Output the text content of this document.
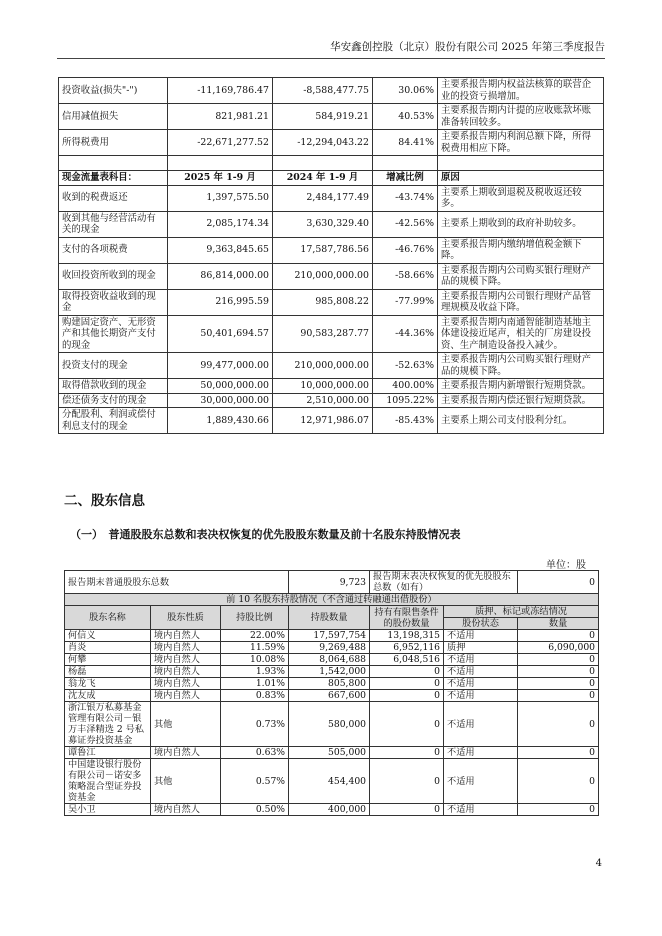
华安鑫创控股（北京）股份有限公司 2025 年第三季度报告
投资收益(损失"-")	-11,169,786.47	-8,588,477.75	30.06%	主要系报告期内权益法核算的联营企业的投资亏损增加。
信用减值损失	821,981.21	584,919.21	40.53%	主要系报告期内计提的应收账款坏账准备转回较多。
所得税费用	-22,671,277.52	-12,294,043.22	84.41%	主要系报告期内利润总额下降，所得税费用相应下降。

现金流量表科目：	2025 年 1-9 月	2024 年 1-9 月	增减比例	原因
收到的税费返还	1,397,575.50	2,484,177.49	-43.74%	主要系上期收到退税及税收返还较多。
收到其他与经营活动有关的现金	2,085,174.34	3,630,329.40	-42.56%	主要系上期收到的政府补助较多。
支付的各项税费	9,363,845.65	17,587,786.56	-46.76%	主要系报告期内缴纳增值税金额下降。
收回投资所收到的现金	86,814,000.00	210,000,000.00	-58.66%	主要系报告期内公司购买银行理财产品的规模下降。
取得投资收益收到的现金	216,995.59	985,808.22	-77.99%	主要系报告期内公司银行理财产品管理规模及收益下降。
购建固定资产、无形资产和其他长期资产支付的现金	50,401,694.57	90,583,287.77	-44.36%	主要系报告期内南通智能制造基地主体建设接近尾声，相关的厂房建设投资、生产制造设备投入减少。
投资支付的现金	99,477,000.00	210,000,000.00	-52.63%	主要系报告期内公司购买银行理财产品的规模下降。
取得借款收到的现金	50,000,000.00	10,000,000.00	400.00%	主要系报告期内新增银行短期贷款。
偿还债务支付的现金	30,000,000.00	2,510,000.00	1095.22%	主要系报告期内偿还银行短期贷款。
分配股利、利润或偿付利息支付的现金	1,889,430.66	12,971,986.07	-85.43%	主要系上期公司支付股利分红。
二、股东信息
（一）　普通股股东总数和表决权恢复的优先股股东数量及前十名股东持股情况表
单位：股
报告期末普通股股东总数			9,723	报告期末表决权恢复的优先股股东总数（如有）		0
前 10 名股东持股情况（不含通过转融通出借股份）						
股东名称	股东性质	持股比例	持股数量	持有有限售条件的股份数量	质押、标记或冻结情况	
					股份状态	数量
何信义	境内自然人	22.00%	17,597,754	13,198,315	不适用	0
肖炎	境内自然人	11.59%	9,269,488	6,952,116	质押	6,090,000
何攀	境内自然人	10.08%	8,064,688	6,048,516	不适用	0
杨磊	境内自然人	1.93%	1,542,000	0	不适用	0
翁龙飞	境内自然人	1.01%	805,800	0	不适用	0
沈友成	境内自然人	0.83%	667,600	0	不适用	0
浙江银万私募基金管理有限公司－银万丰泽精选 2 号私募证券投资基金	其他	0.73%	580,000	0	不适用	0
谭鲁江	境内自然人	0.63%	505,000	0	不适用	0
中国建设银行股份有限公司－诺安多策略混合型证券投资基金	其他	0.57%	454,400	0	不适用	0
吴小卫	境内自然人	0.50%	400,000	0	不适用	0
4
